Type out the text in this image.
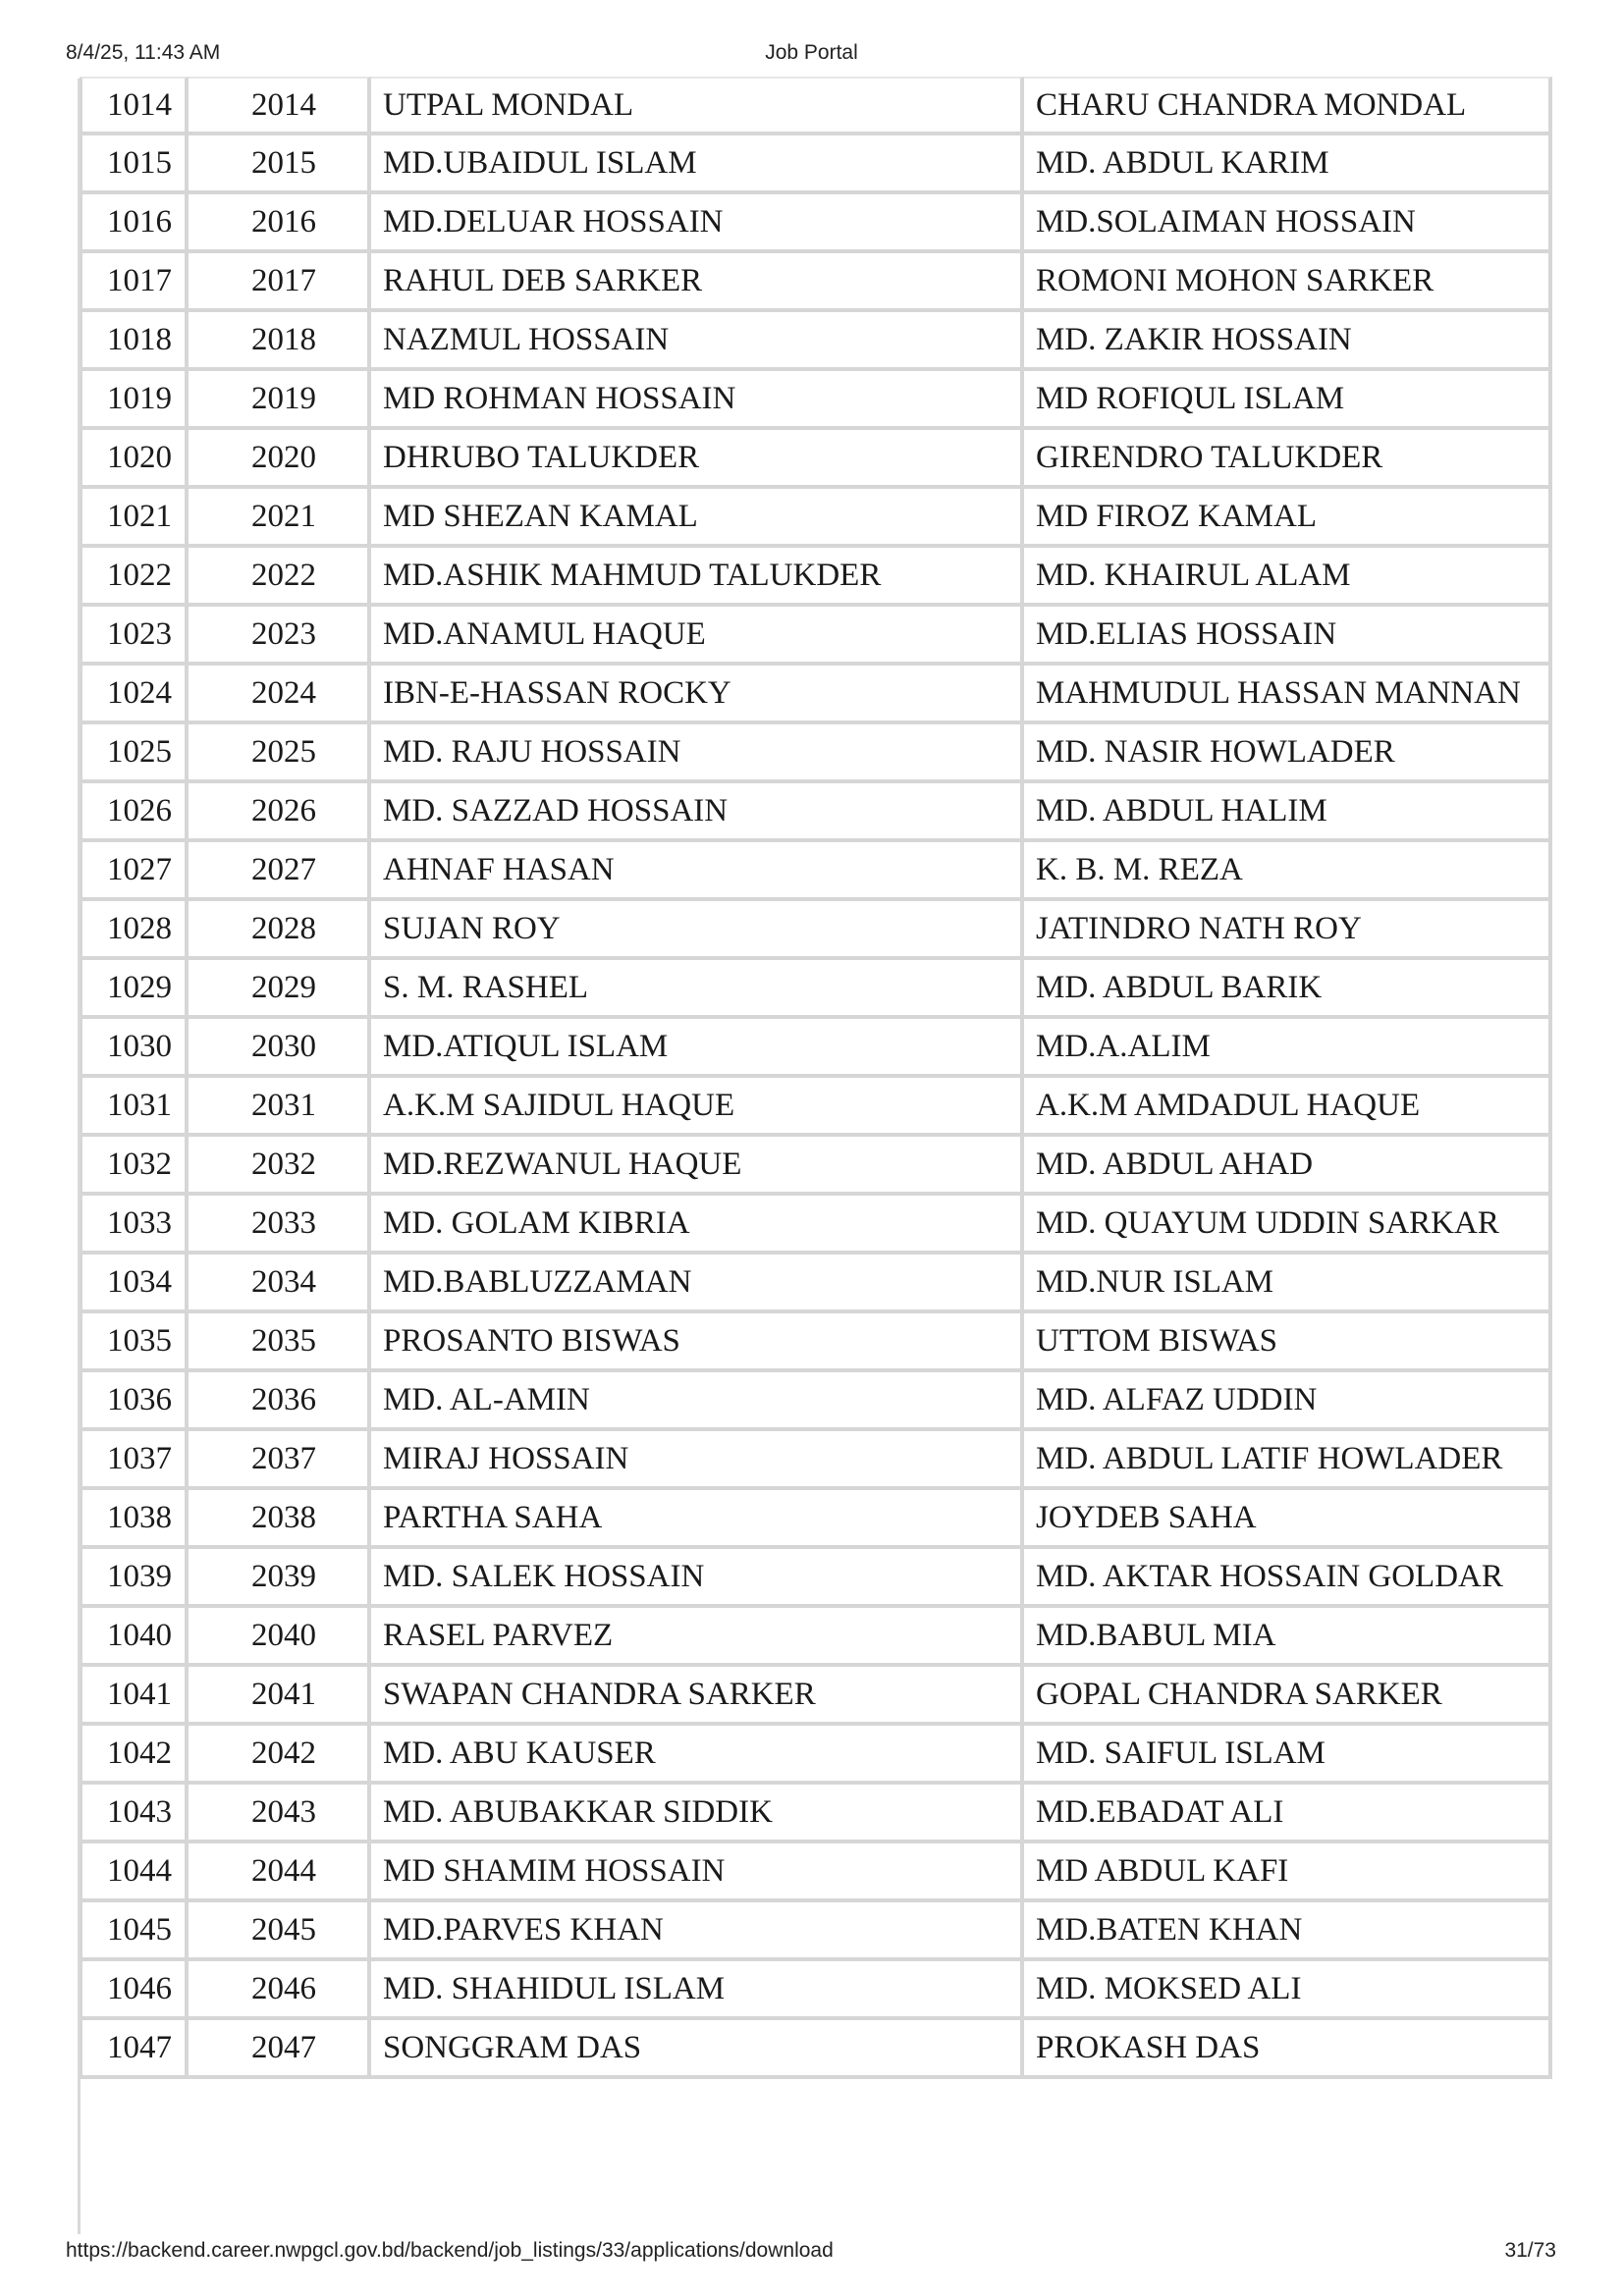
8/4/25, 11:43 AM	Job Portal
1014	2014	UTPAL MONDAL	CHARU CHANDRA MONDAL
1015	2015	MD.UBAIDUL ISLAM	MD. ABDUL KARIM
1016	2016	MD.DELUAR HOSSAIN	MD.SOLAIMAN HOSSAIN
1017	2017	RAHUL DEB SARKER	ROMONI MOHON SARKER
1018	2018	NAZMUL HOSSAIN	MD. ZAKIR HOSSAIN
1019	2019	MD ROHMAN HOSSAIN	MD ROFIQUL ISLAM
1020	2020	DHRUBO TALUKDER	GIRENDRO TALUKDER
1021	2021	MD SHEZAN KAMAL	MD FIROZ KAMAL
1022	2022	MD.ASHIK MAHMUD TALUKDER	MD. KHAIRUL ALAM
1023	2023	MD.ANAMUL HAQUE	MD.ELIAS HOSSAIN
1024	2024	IBN-E-HASSAN ROCKY	MAHMUDUL HASSAN MANNAN
1025	2025	MD. RAJU HOSSAIN	MD. NASIR HOWLADER
1026	2026	MD. SAZZAD HOSSAIN	MD. ABDUL HALIM
1027	2027	AHNAF HASAN	K. B. M. REZA
1028	2028	SUJAN ROY	JATINDRO NATH ROY
1029	2029	S. M. RASHEL	MD. ABDUL BARIK
1030	2030	MD.ATIQUL ISLAM	MD.A.ALIM
1031	2031	A.K.M SAJIDUL HAQUE	A.K.M AMDADUL HAQUE
1032	2032	MD.REZWANUL HAQUE	MD. ABDUL AHAD
1033	2033	MD. GOLAM KIBRIA	MD. QUAYUM UDDIN SARKAR
1034	2034	MD.BABLUZZAMAN	MD.NUR ISLAM
1035	2035	PROSANTO BISWAS	UTTOM BISWAS
1036	2036	MD. AL-AMIN	MD. ALFAZ UDDIN
1037	2037	MIRAJ HOSSAIN	MD. ABDUL LATIF HOWLADER
1038	2038	PARTHA SAHA	JOYDEB SAHA
1039	2039	MD. SALEK HOSSAIN	MD. AKTAR HOSSAIN GOLDAR
1040	2040	RASEL PARVEZ	MD.BABUL MIA
1041	2041	SWAPAN CHANDRA SARKER	GOPAL CHANDRA SARKER
1042	2042	MD. ABU KAUSER	MD. SAIFUL ISLAM
1043	2043	MD. ABUBAKKAR SIDDIK	MD.EBADAT ALI
1044	2044	MD SHAMIM HOSSAIN	MD ABDUL KAFI
1045	2045	MD.PARVES KHAN	MD.BATEN KHAN
1046	2046	MD. SHAHIDUL ISLAM	MD. MOKSED ALI
1047	2047	SONGGRAM DAS	PROKASH DAS
https://backend.career.nwpgcl.gov.bd/backend/job_listings/33/applications/download	31/73
